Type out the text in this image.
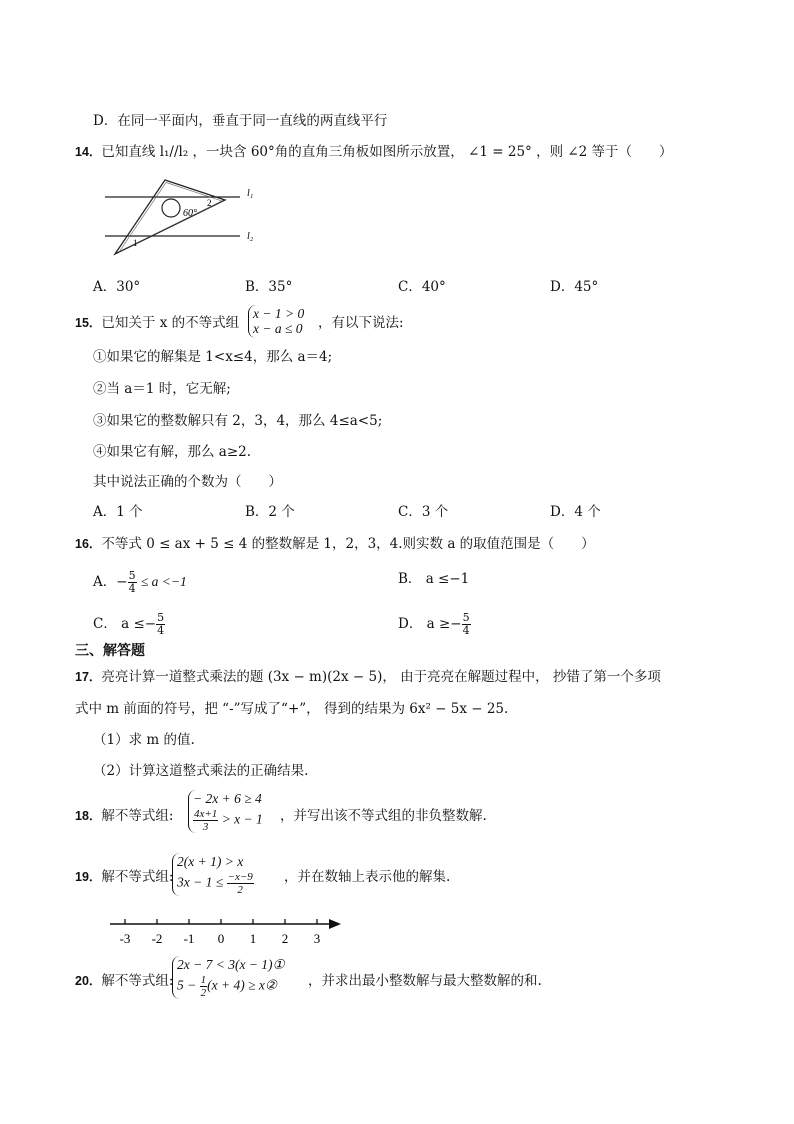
D．在同一平面内，垂直于同一直线的两直线平行
14．已知直线 l₁//l₂ ，一块含 60°角的直角三角板如图所示放置， ∠1 = 25° ，则 ∠2 等于（　　）
60°
2
1
l₁
l₂
A．30°	B．35°	C．40°	D．45°
15．已知关于 x 的不等式组
x − 1 > 0
x − a ≤ 0 ，有以下说法:
①如果它的解集是 1<x≤4，那么 a＝4;
②当 a＝1 时，它无解;
③如果它的整数解只有 2，3，4，那么 4≤a<5;
④如果它有解，那么 a≥2.
其中说法正确的个数为（　　）
A．1 个	B．2 个	C．3 个	D．4 个
16．不等式 0 ≤ ax + 5 ≤ 4 的整数解是 1，2，3，4.则实数 a 的取值范围是（　　）
A．− $\frac{5}{4} \le a <-1$	B． a ≤−1
C． $a \le- \frac{5}{4}$	D． $a \ge- \frac{5}{4}$
三、解答题
17．亮亮计算一道整式乘法的题 (3x − m)(2x − 5)， 由于亮亮在解题过程中， 抄错了第一个多项
式中 m 前面的符号，把 “-”写成了“+”， 得到的结果为 6x² − 5x − 25.
（1）求 m 的值.
（2）计算这道整式乘法的正确结果.
18．解不等式组:
− 2x + 6 ≥ 4
$\frac{4x+1}{3} > x - 1$ ，并写出该不等式组的非负整数解.
19．解不等式组:
2(x + 1) > x
$3x - 1 \le \frac{-x-9}{2}$ ，并在数轴上表示他的解集.
-3 -2 -1 0 1 2 3
20．解不等式组:
2x − 7 < 3(x − 1)①
$5 - \frac{1}{2} (x + 4)$ ≥ x②	，并求出最小整数解与最大整数解的和.
